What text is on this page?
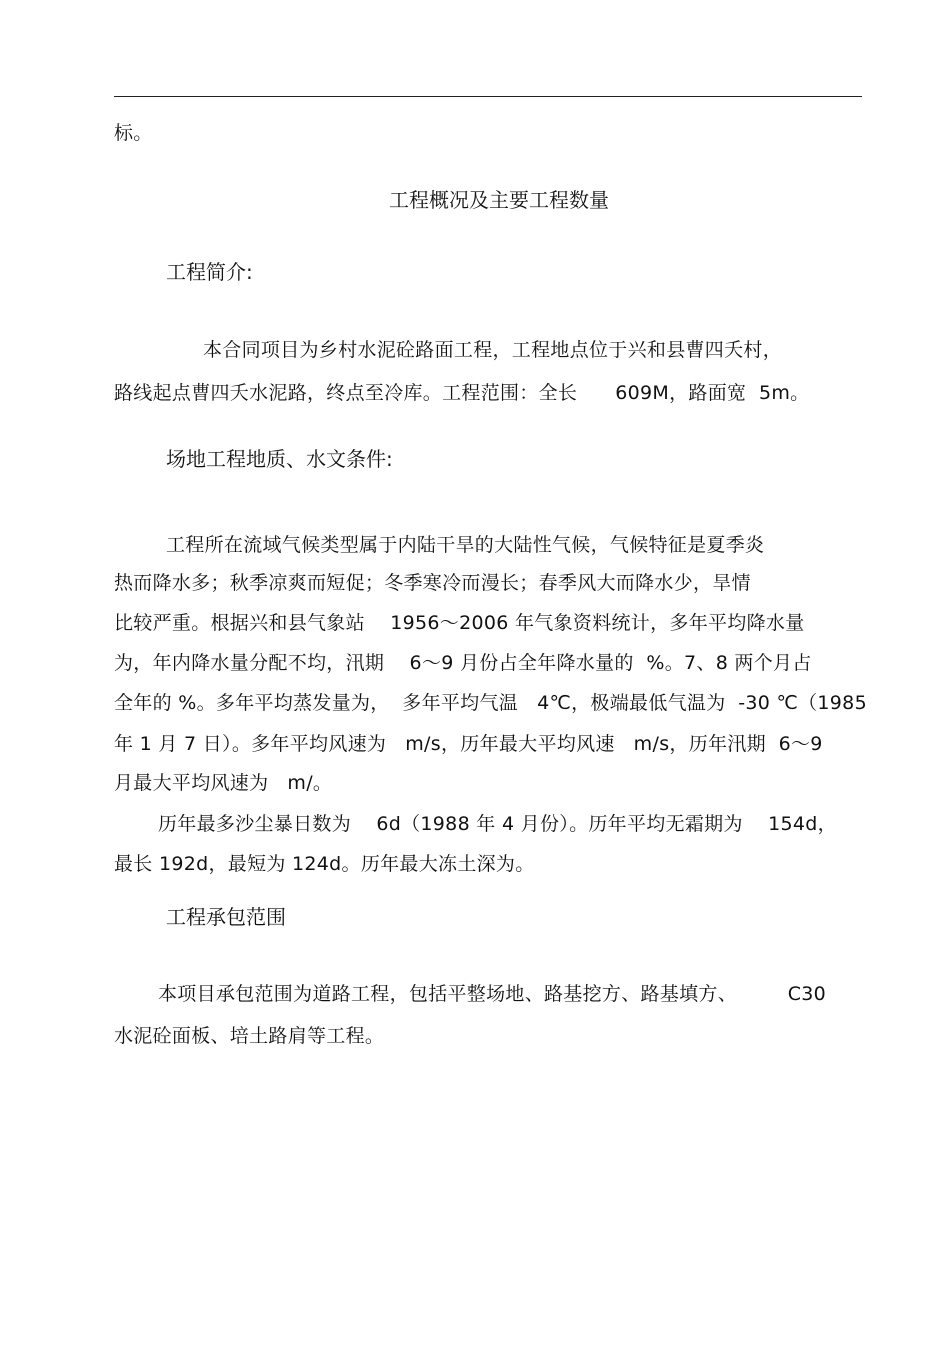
标。
工程概况及主要工程数量
工程简介:
本合同项目为乡村水泥砼路面工程，工程地点位于兴和县曹四夭村，
路线起点曹四夭水泥路，终点至冷库。工程范围：全长      609M，路面宽  5m。
场地工程地质、水文条件:
工程所在流域气候类型属于内陆干旱的大陆性气候，气候特征是夏季炎
热而降水多；秋季凉爽而短促；冬季寒冷而漫长；春季风大而降水少，旱情
比较严重。根据兴和县气象站    1956～2006 年气象资料统计，多年平均降水量
为，年内降水量分配不均，汛期    6～9 月份占全年降水量的  %。7、8 两个月占
全年的 %。多年平均蒸发量为，  多年平均气温   4℃，极端最低气温为  -30 ℃（1985
年 1 月 7 日）。多年平均风速为   m/s，历年最大平均风速   m/s，历年汛期  6～9
月最大平均风速为   m/。
历年最多沙尘暴日数为    6d（1988 年 4 月份）。历年平均无霜期为    154d，
最长 192d，最短为 124d。历年最大冻土深为。
工程承包范围
本项目承包范围为道路工程，包括平整场地、路基挖方、路基填方、        C30
水泥砼面板、培土路肩等工程。
